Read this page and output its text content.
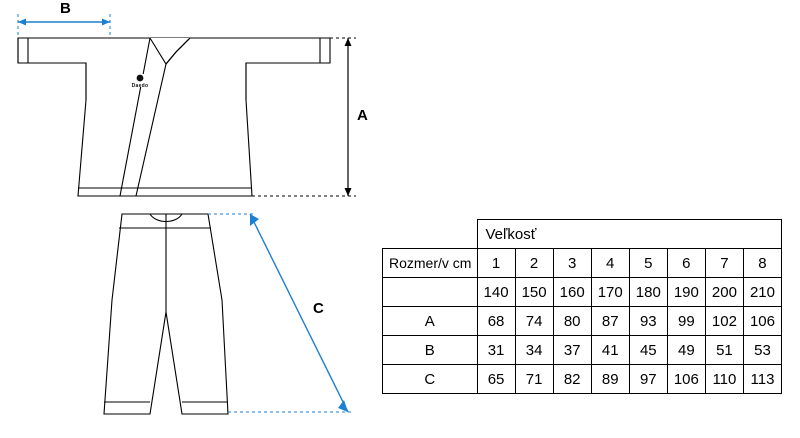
Daedo
B
A
C
	Veľkosť							
Rozmer/v cm	1	2	3	4	5	6	7	8
	140	150	160	170	180	190	200	210
A	68	74	80	87	93	99	102	106
B	31	34	37	41	45	49	51	53
C	65	71	82	89	97	106	110	113
